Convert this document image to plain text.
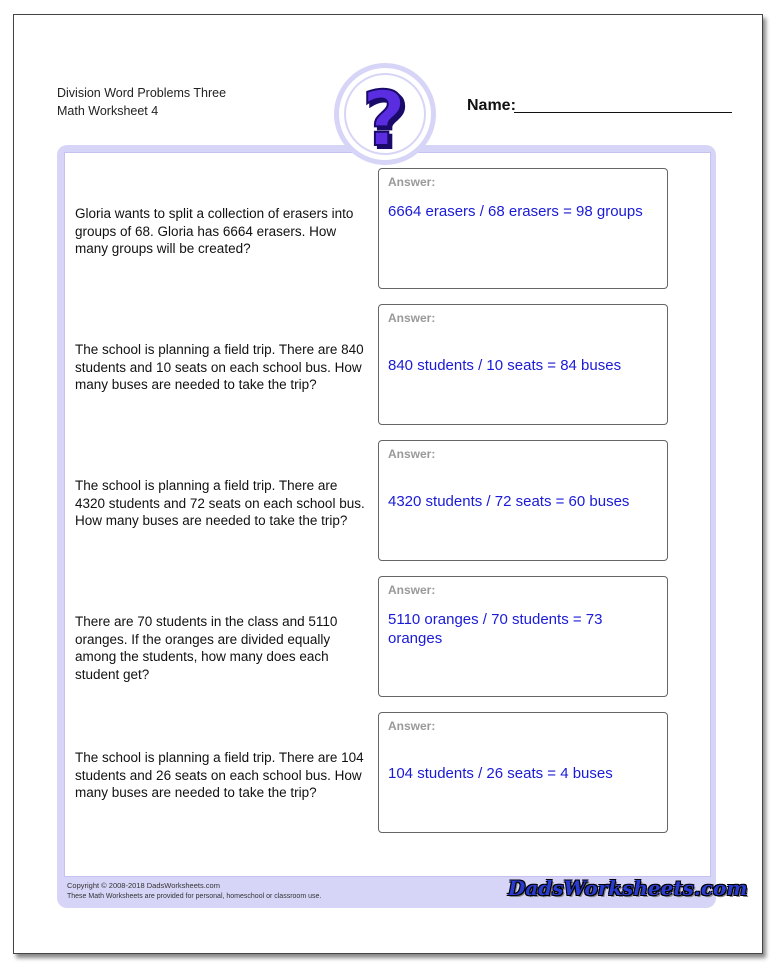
Division Word Problems Three
Math Worksheet 4	Name:
?
Gloria wants to split a collection of erasers into groups of 68. Gloria has 6664 erasers. How many groups will be created?
Answer:
6664 erasers / 68 erasers = 98 groups
The school is planning a field trip. There are 840 students and 10 seats on each school bus. How many buses are needed to take the trip?
Answer:
840 students / 10 seats = 84 buses
The school is planning a field trip. There are 4320 students and 72 seats on each school bus. How many buses are needed to take the trip?
Answer:
4320 students / 72 seats = 60 buses
There are 70 students in the class and 5110 oranges. If the oranges are divided equally among the students, how many does each student get?
Answer:
5110 oranges / 70 students = 73 oranges
The school is planning a field trip. There are 104 students and 26 seats on each school bus. How many buses are needed to take the trip?
Answer:
104 students / 26 seats = 4 buses
Copyright © 2008-2018 DadsWorksheets.com
These Math Worksheets are provided for personal, homeschool or classroom use.	DadsWorksheets.com
